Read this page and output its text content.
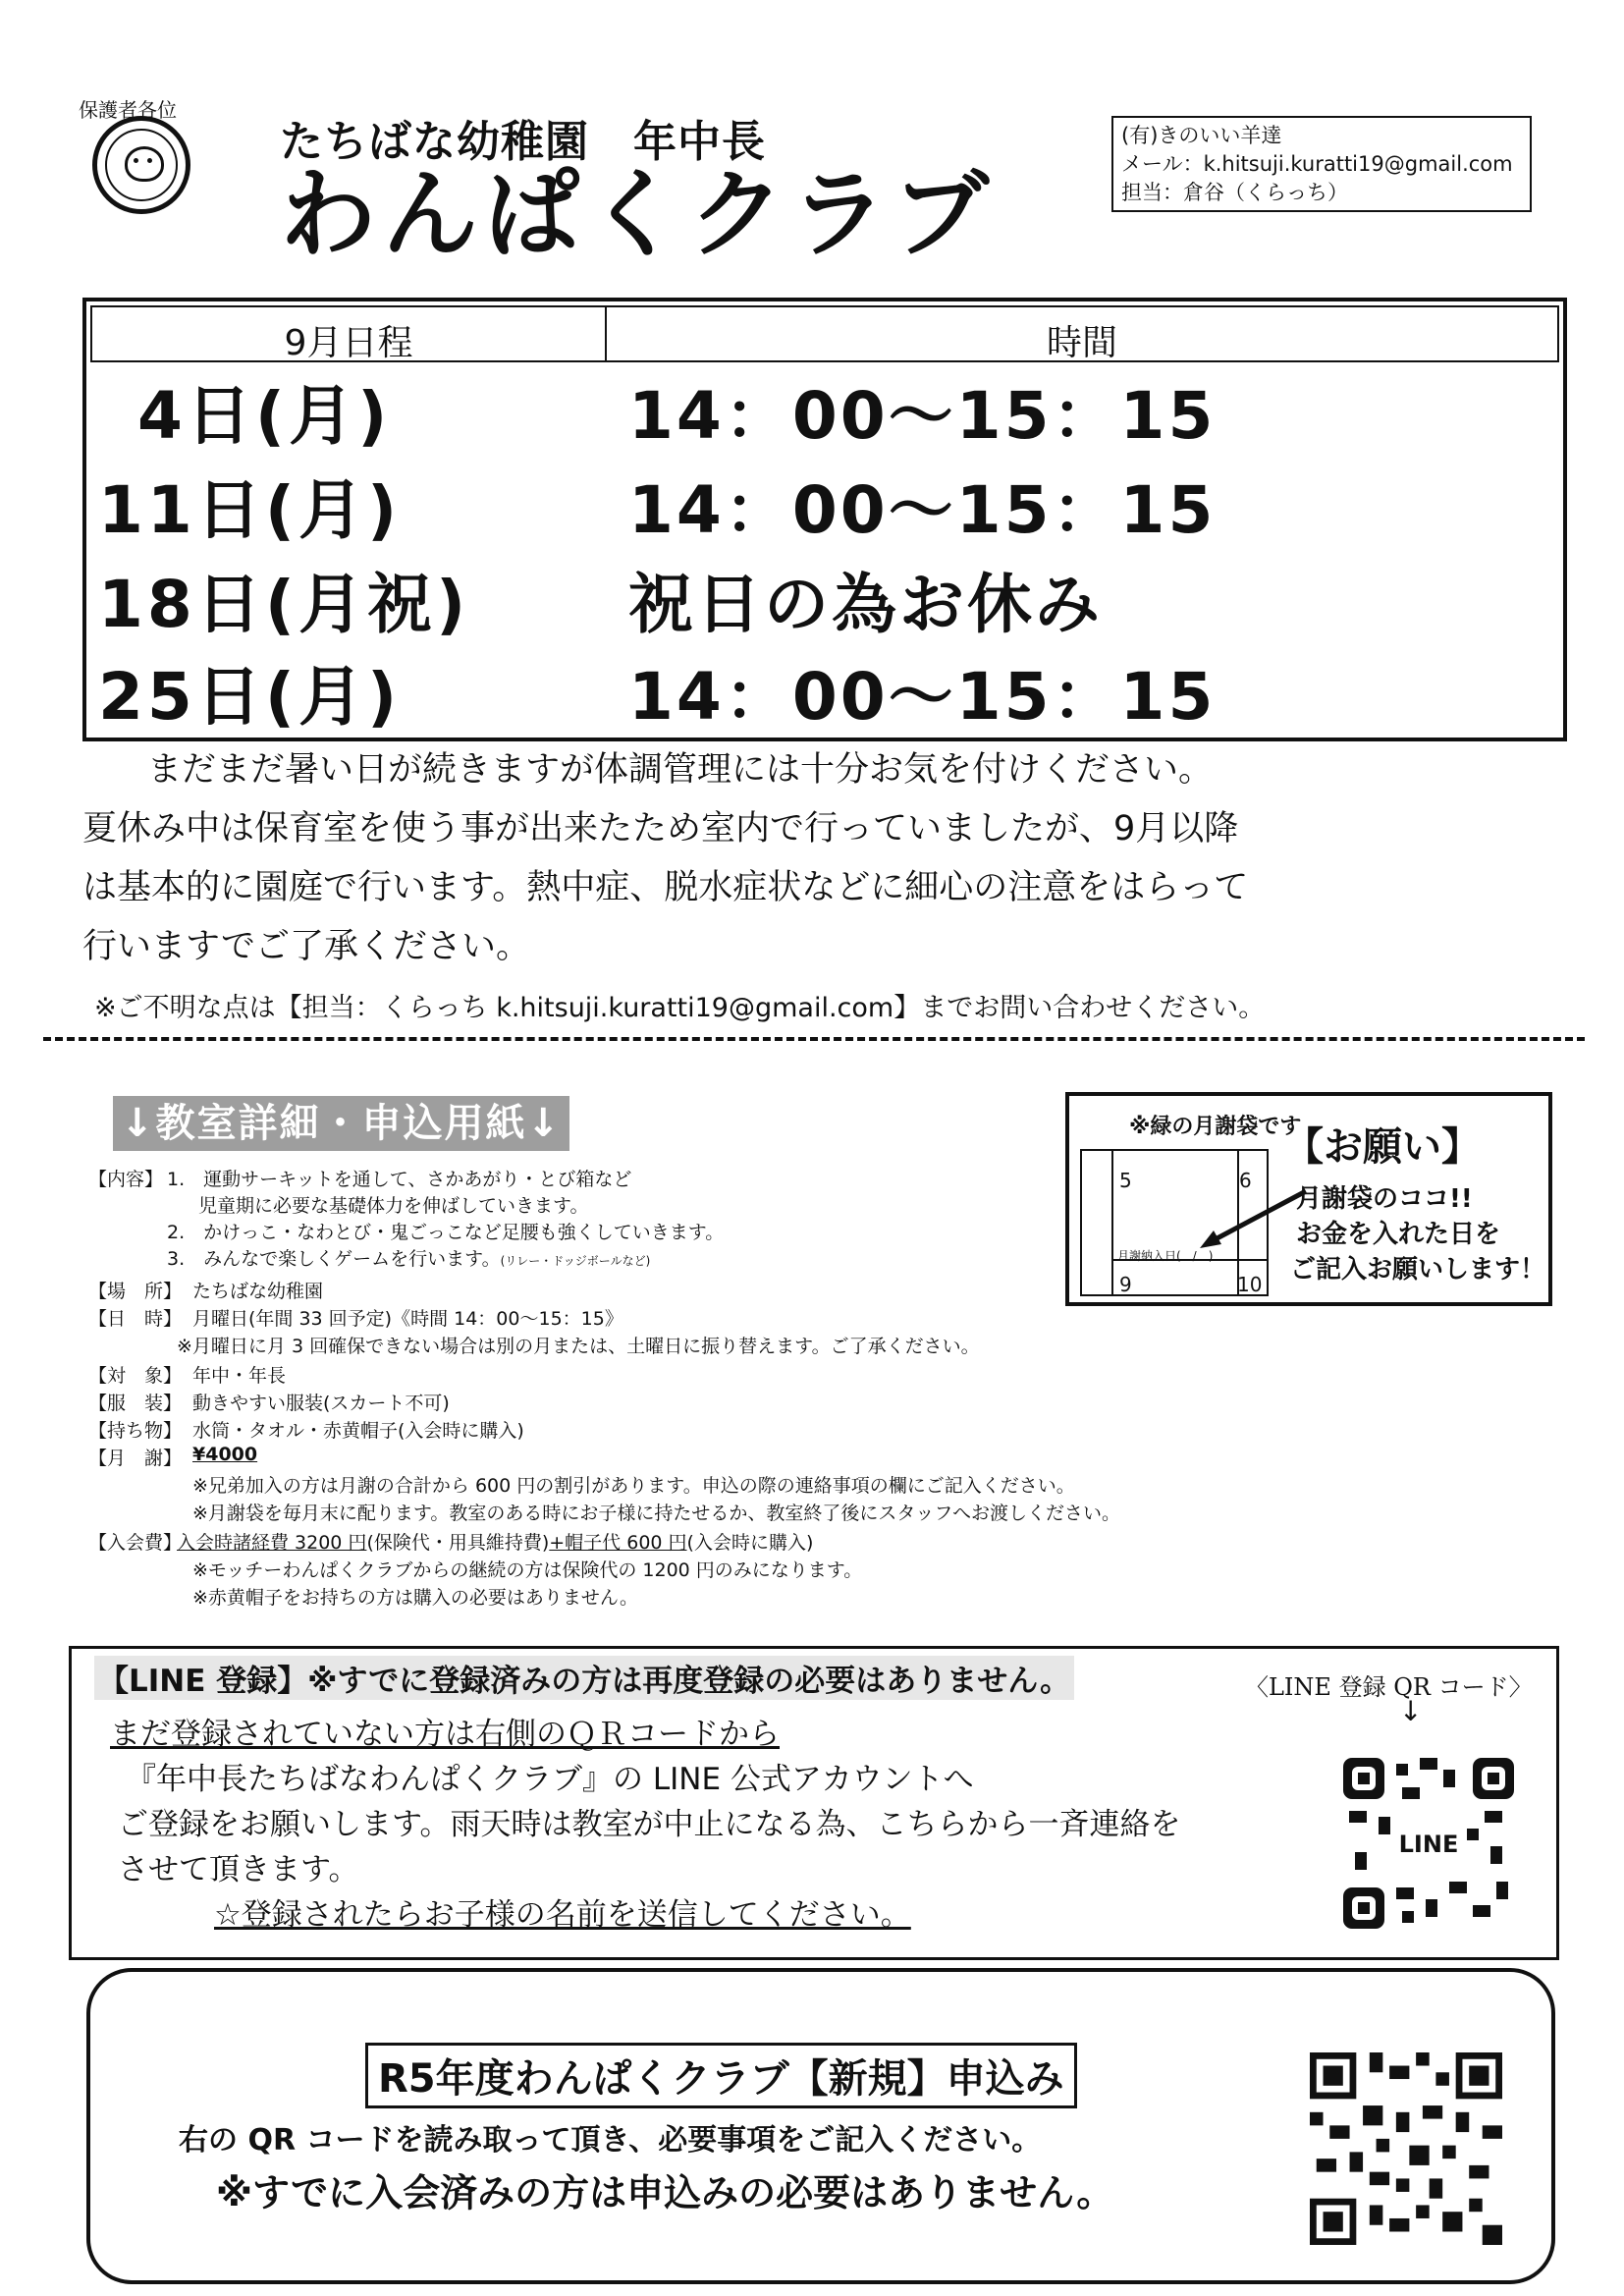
保護者各位
たちばな幼稚園　年中長
わんぱくクラブ
(有)きのいい羊達
メール：k.hitsuji.kuratti19@gmail.com
担当：倉谷（くらっち）
9月日程	時間
4日(月)	14：00〜15：15
11日(月)	14：00〜15：15
18日(月祝) 祝日の為お休み
25日(月)	14：00〜15：15
まだまだ暑い日が続きますが体調管理には十分お気を付けください。
夏休み中は保育室を使う事が出来たため室内で行っていましたが、9月以降
は基本的に園庭で行います。熱中症、脱水症状などに細心の注意をはらって
行いますでご了承ください。
※ご不明な点は【担当：くらっち k.hitsuji.kuratti19@gmail.com】までお問い合わせください。
↓教室詳細・申込用紙↓
【内容】 1.　運動サーキットを通して、さかあがり・とび箱など
児童期に必要な基礎体力を伸ばしていきます。
2.　かけっこ・なわとび・鬼ごっこなど足腰も強くしていきます。
3.　みんなで楽しくゲームを行います。(リレー・ドッジボールなど)
【場　所】 たちばな幼稚園
【日　時】 月曜日(年間 33 回予定)《時間 14：00〜15：15》
※月曜日に月 3 回確保できない場合は別の月または、土曜日に振り替えます。ご了承ください。
【対　象】 年中・年長
【服　装】 動きやすい服装(スカート不可)
【持ち物】 水筒・タオル・赤黄帽子(入会時に購入)
【月　謝】 ¥4000
※兄弟加入の方は月謝の合計から 600 円の割引があります。申込の際の連絡事項の欄にご記入ください。
※月謝袋を毎月末に配ります。教室のある時にお子様に持たせるか、教室終了後にスタッフへお渡しください。
【入会費】
入会時諸経費 3200 円(保険代・用具維持費)+帽子代 600 円(入会時に購入)
※モッチーわんぱくクラブからの継続の方は保険代の 1200 円のみになります。
※赤黄帽子をお持ちの方は購入の必要はありません。
※緑の月謝袋です
5	6
9	10
月謝納入日(　/　)
【お願い】
月謝袋のココ!!
お金を入れた日を
ご記入お願いします！
【LINE 登録】※すでに登録済みの方は再度登録の必要はありません。
まだ登録されていない方は右側のＱＲコードから
『年中長たちばなわんぱくクラブ』の LINE 公式アカウントへ
ご登録をお願いします。雨天時は教室が中止になる為、こちらから一斉連絡を
させて頂きます。
☆登録されたらお子様の名前を送信してください。
〈LINE 登録 QR コード〉
↓
LINE
R5年度わんぱくクラブ【新規】申込み
右の QR コードを読み取って頂き、必要事項をご記入ください。
※すでに入会済みの方は申込みの必要はありません。
